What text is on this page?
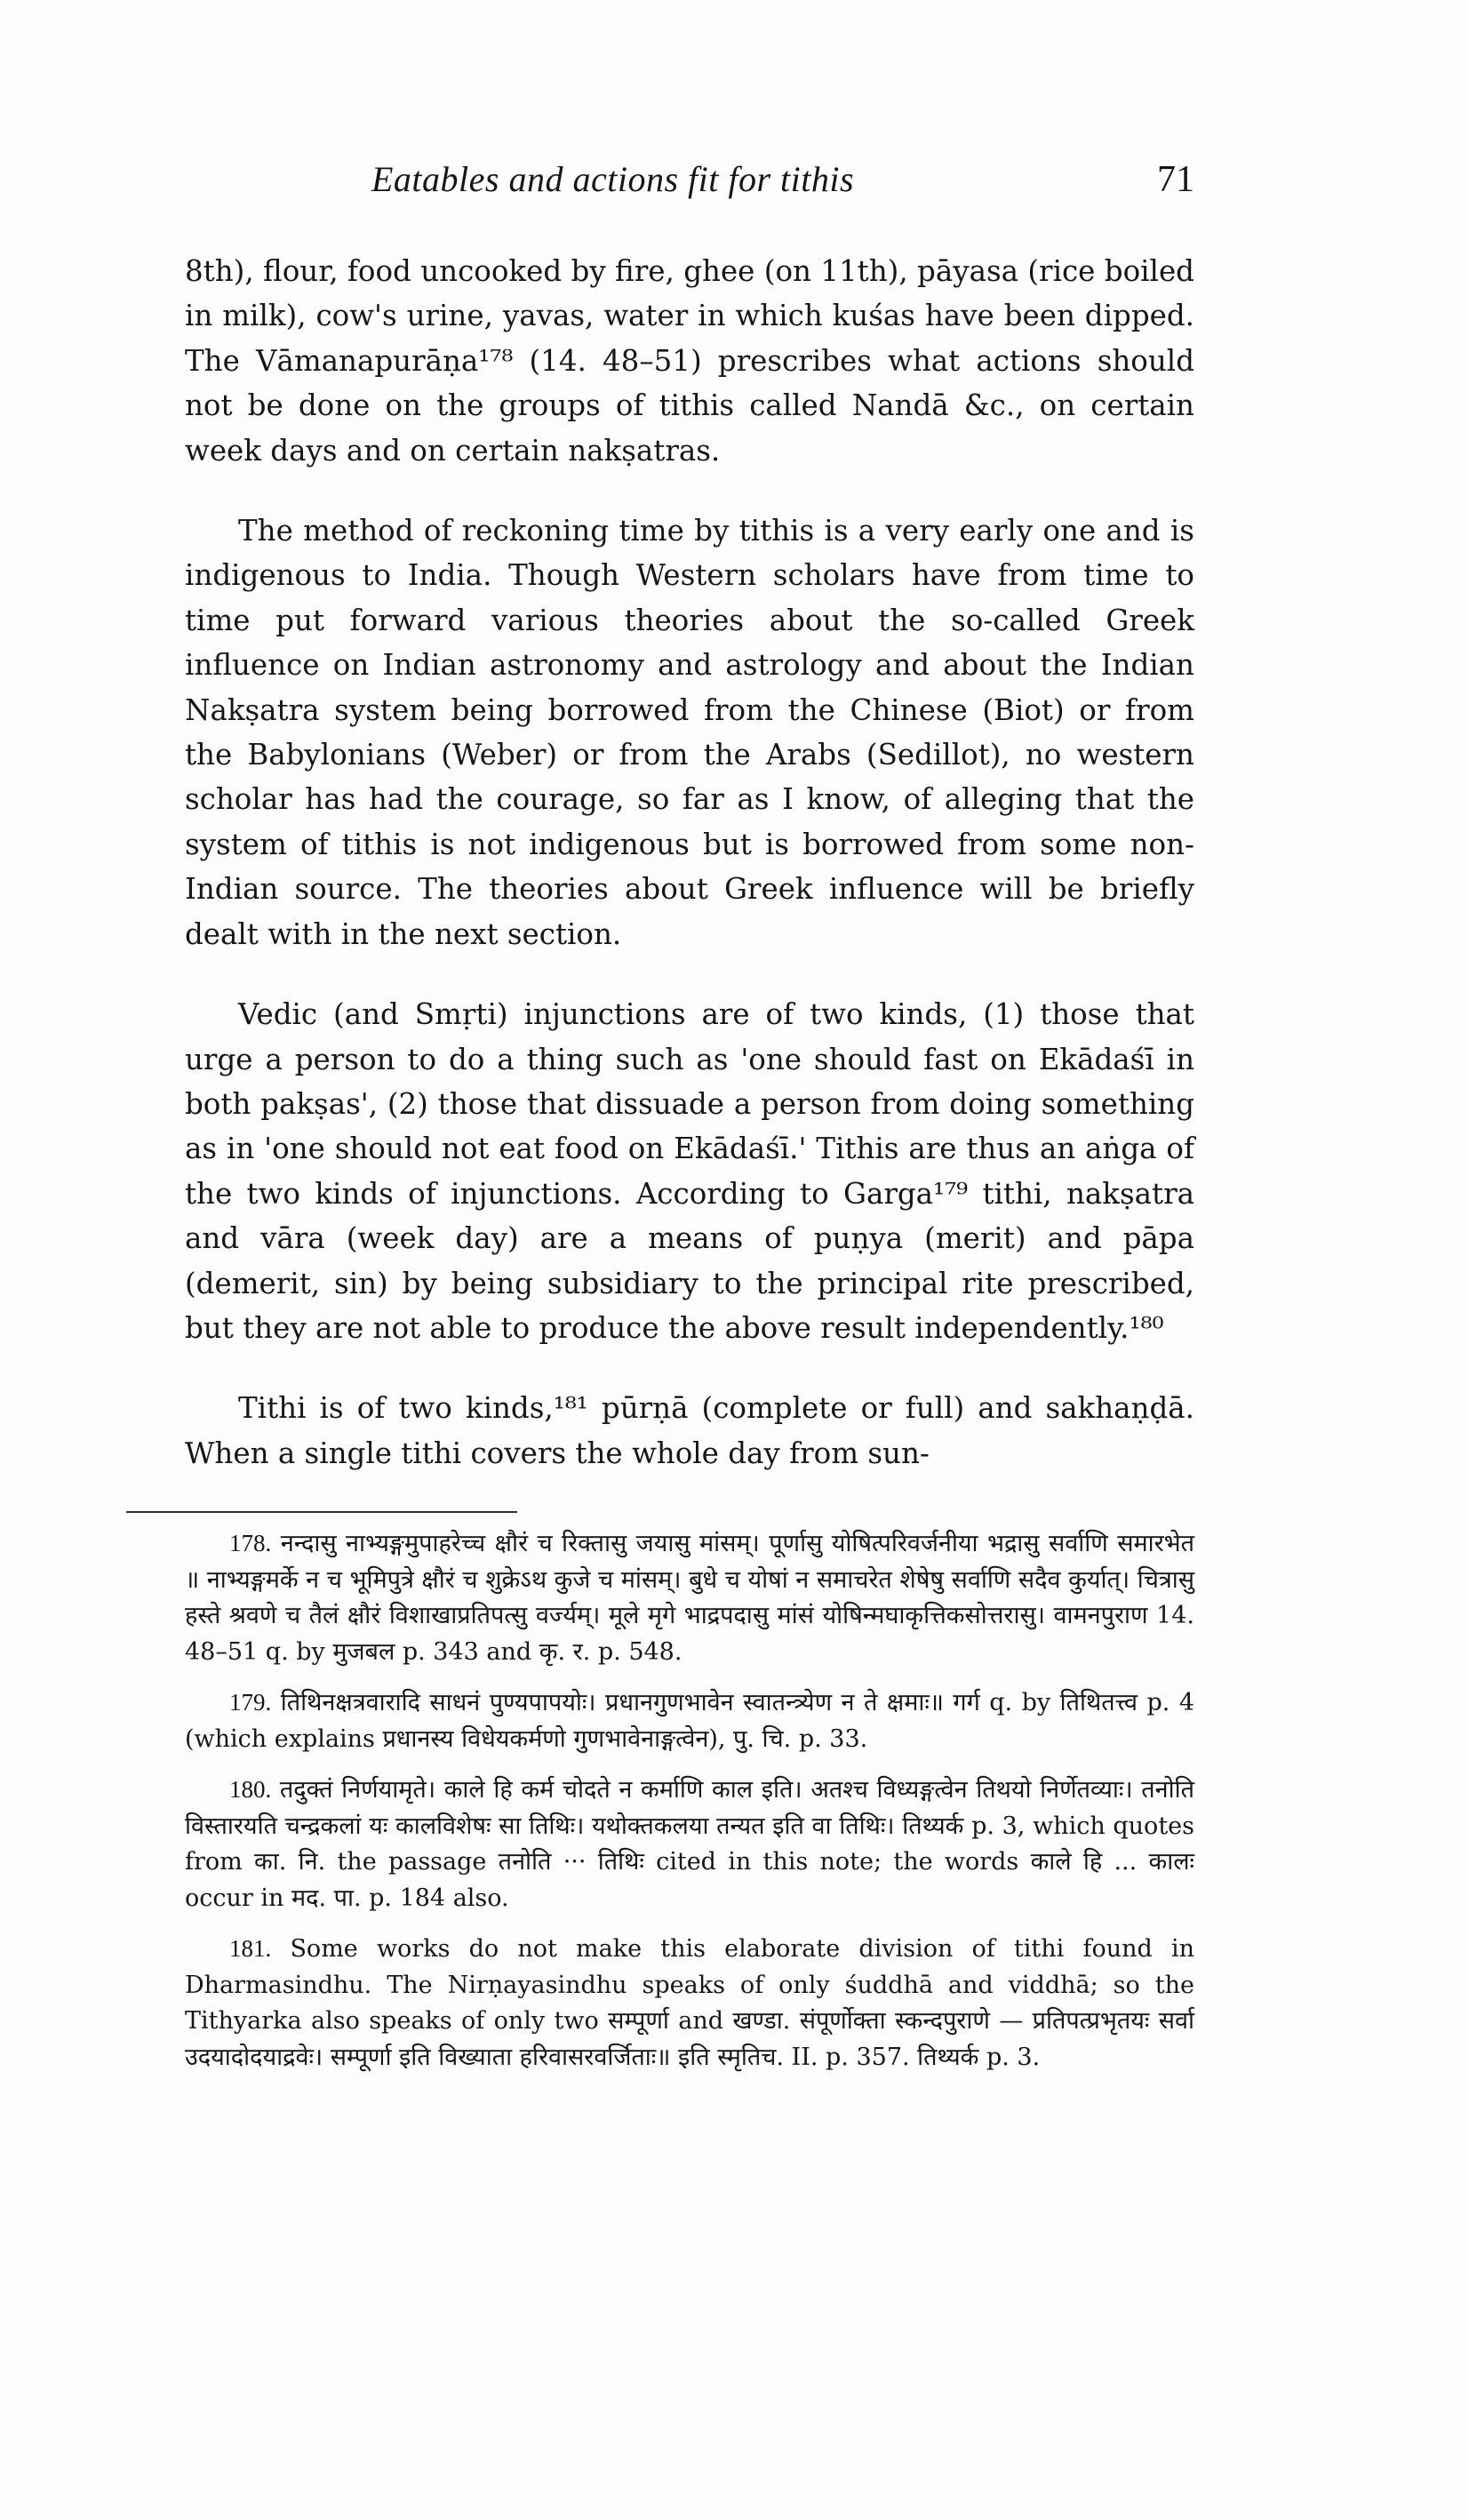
Eatables and actions fit for tithis	71

8th), flour, food uncooked by fire, ghee (on 11th), pāyasa (rice boiled in milk), cow's urine, yavas, water in which kuśas have been dipped. The Vāmanapurāṇa¹⁷⁸ (14. 48–51) prescribes what actions should not be done on the groups of tithis called Nandā &c., on certain week days and on certain nakṣatras.

The method of reckoning time by tithis is a very early one and is indigenous to India. Though Western scholars have from time to time put forward various theories about the so-called Greek influence on Indian astronomy and astrology and about the Indian Nakṣatra system being borrowed from the Chinese (Biot) or from the Babylonians (Weber) or from the Arabs (Sedillot), no western scholar has had the courage, so far as I know, of alleging that the system of tithis is not indigenous but is borrowed from some non-Indian source. The theories about Greek influence will be briefly dealt with in the next section.

Vedic (and Smṛti) injunctions are of two kinds, (1) those that urge a person to do a thing such as 'one should fast on Ekādaśī in both pakṣas', (2) those that dissuade a person from doing something as in 'one should not eat food on Ekādaśī.' Tithis are thus an aṅga of the two kinds of injunctions. According to Garga¹⁷⁹ tithi, nakṣatra and vāra (week day) are a means of puṇya (merit) and pāpa (demerit, sin) by being subsidiary to the principal rite prescribed, but they are not able to produce the above result independently.¹⁸⁰

Tithi is of two kinds,¹⁸¹ pūrṇā (complete or full) and sakhaṇḍā. When a single tithi covers the whole day from sun-

178. नन्दासु नाभ्यङ्गमुपाहरेच्च क्षौरं च रिक्तासु जयासु मांसम्। पूर्णासु योषित्परिवर्जनीया भद्रासु सर्वाणि समारभेत ॥ नाभ्यङ्गमर्के न च भूमिपुत्रे क्षौरं च शुक्रेऽथ कुजे च मांसम्। बुधे च योषां न समाचरेत शेषेषु सर्वाणि सदैव कुर्यात्। चित्रासु हस्ते श्रवणे च तैलं क्षौरं विशाखाप्रतिपत्सु वर्ज्यम्। मूले मृगे भाद्रपदासु मांसं योषिन्मघाकृत्तिकसोत्तरासु। वामनपुराण 14. 48–51 q. by मुजबल p. 343 and कृ. र. p. 548.

179. तिथिनक्षत्रवारादि साधनं पुण्यपापयोः। प्रधानगुणभावेन स्वातन्त्र्येण न ते क्षमाः॥ गर्ग q. by तिथितत्त्व p. 4 (which explains प्रधानस्य विधेयकर्मणो गुणभावेनाङ्गत्वेन), पु. चि. p. 33.

180. तदुक्तं निर्णयामृते। काले हि कर्म चोदते न कर्माणि काल इति। अतश्च विध्यङ्गत्वेन तिथयो निर्णेतव्याः। तनोति विस्तारयति चन्द्रकलां यः कालविशेषः सा तिथिः। यथोक्तकलया तन्यत इति वा तिथिः। तिथ्यर्क p. 3, which quotes from का. नि. the passage तनोति ··· तिथिः cited in this note; the words काले हि ... कालः occur in मद. पा. p. 184 also.

181. Some works do not make this elaborate division of tithi found in Dharmasindhu. The Nirṇayasindhu speaks of only śuddhā and viddhā; so the Tithyarka also speaks of only two सम्पूर्णा and खण्डा. संपूर्णोक्ता स्कन्दपुराणे — प्रतिपत्प्रभृतयः सर्वा उदयादोदयाद्रवेः। सम्पूर्णा इति विख्याता हरिवासरवर्जिताः॥ इति स्मृतिच. II. p. 357. तिथ्यर्क p. 3.
